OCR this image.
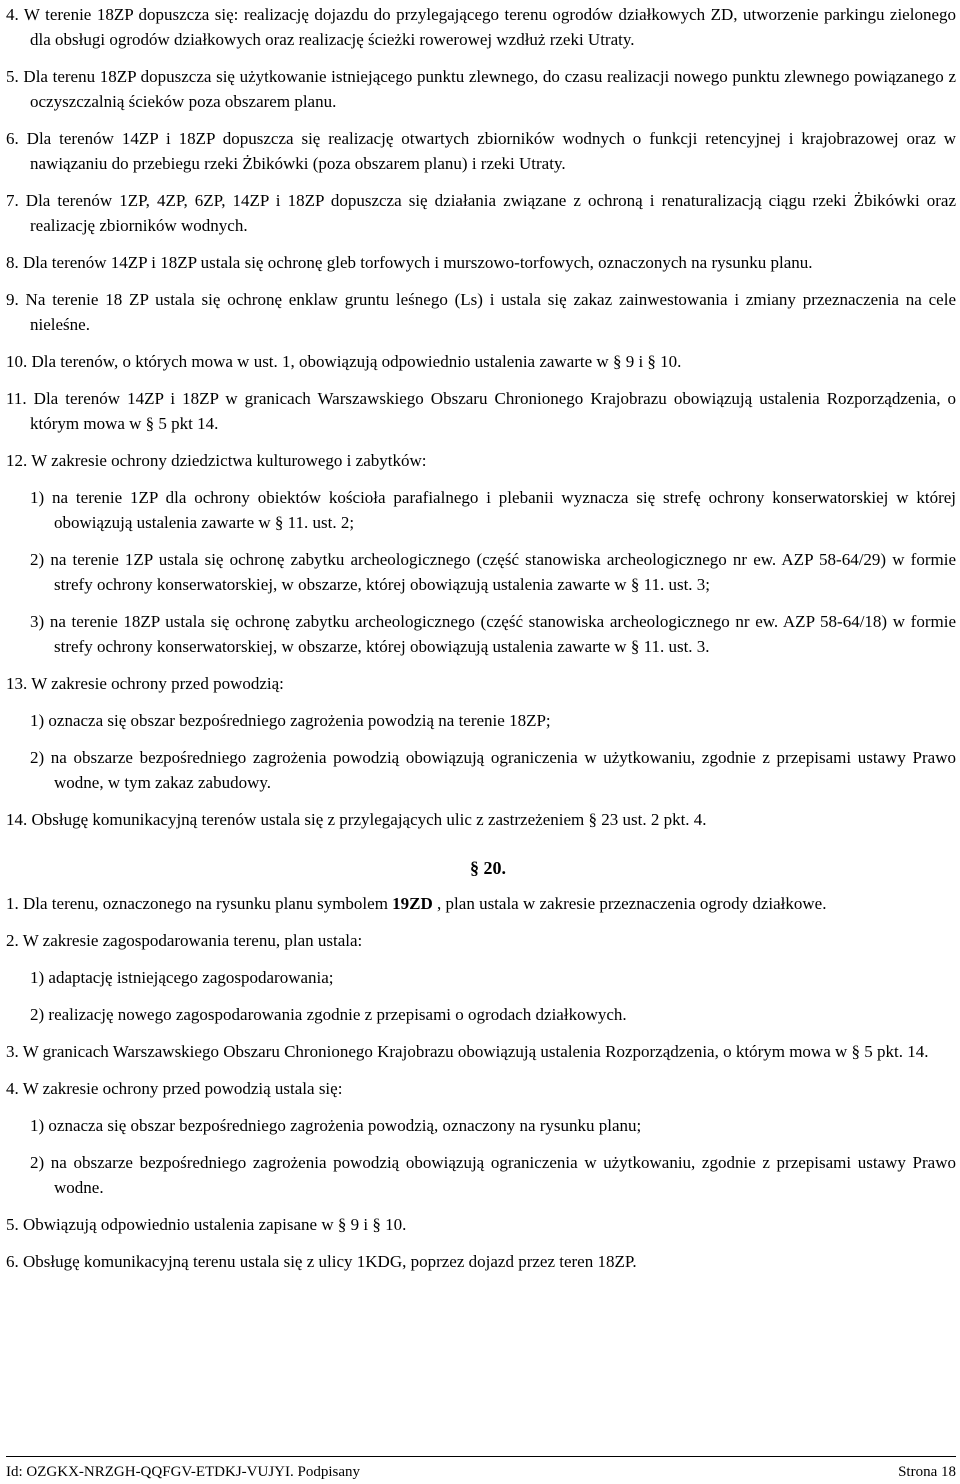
4. W terenie 18ZP dopuszcza się: realizację dojazdu do przylegającego terenu ogrodów działkowych ZD, utworzenie parkingu zielonego dla obsługi ogrodów działkowych oraz realizację ścieżki rowerowej wzdłuż rzeki Utraty.

5. Dla terenu 18ZP dopuszcza się użytkowanie istniejącego punktu zlewnego, do czasu realizacji nowego punktu zlewnego powiązanego z oczyszczalnią ścieków poza obszarem planu.

6. Dla terenów 14ZP i 18ZP dopuszcza się realizację otwartych zbiorników wodnych o funkcji retencyjnej i krajobrazowej oraz w nawiązaniu do przebiegu rzeki Żbikówki (poza obszarem planu) i rzeki Utraty.

7. Dla terenów 1ZP, 4ZP, 6ZP, 14ZP i 18ZP dopuszcza się działania związane z ochroną i renaturalizacją ciągu rzeki Żbikówki oraz realizację zbiorników wodnych.

8. Dla terenów 14ZP i 18ZP ustala się ochronę gleb torfowych i murszowo-torfowych, oznaczonych na rysunku planu.

9. Na terenie 18 ZP ustala się ochronę enklaw gruntu leśnego (Ls) i ustala się zakaz zainwestowania i zmiany przeznaczenia na cele nieleśne.

10. Dla terenów, o których mowa w ust. 1, obowiązują odpowiednio ustalenia zawarte w § 9 i § 10.

11. Dla terenów 14ZP i 18ZP w granicach Warszawskiego Obszaru Chronionego Krajobrazu obowiązują ustalenia Rozporządzenia, o którym mowa w § 5 pkt 14.

12. W zakresie ochrony dziedzictwa kulturowego i zabytków:

1) na terenie 1ZP dla ochrony obiektów kościoła parafialnego i plebanii wyznacza się strefę ochrony konserwatorskiej w której obowiązują ustalenia zawarte w § 11. ust. 2;

2) na terenie 1ZP ustala się ochronę zabytku archeologicznego (część stanowiska archeologicznego nr ew. AZP 58-64/29) w formie strefy ochrony konserwatorskiej, w obszarze, której obowiązują ustalenia zawarte w § 11. ust. 3;

3) na terenie 18ZP ustala się ochronę zabytku archeologicznego (część stanowiska archeologicznego nr ew. AZP 58-64/18) w formie strefy ochrony konserwatorskiej, w obszarze, której obowiązują ustalenia zawarte w § 11. ust. 3.

13. W zakresie ochrony przed powodzią:

1) oznacza się obszar bezpośredniego zagrożenia powodzią na terenie 18ZP;

2) na obszarze bezpośredniego zagrożenia powodzią obowiązują ograniczenia w użytkowaniu, zgodnie z przepisami ustawy Prawo wodne, w tym zakaz zabudowy.

14. Obsługę komunikacyjną terenów ustala się z przylegających ulic z zastrzeżeniem § 23 ust. 2 pkt. 4.

§ 20.

1. Dla terenu, oznaczonego na rysunku planu symbolem 19ZD , plan ustala w zakresie przeznaczenia ogrody działkowe.

2. W zakresie zagospodarowania terenu, plan ustala:

1) adaptację istniejącego zagospodarowania;

2) realizację nowego zagospodarowania zgodnie z przepisami o ogrodach działkowych.

3. W granicach Warszawskiego Obszaru Chronionego Krajobrazu obowiązują ustalenia Rozporządzenia, o którym mowa w § 5 pkt. 14.

4. W zakresie ochrony przed powodzią ustala się:

1) oznacza się obszar bezpośredniego zagrożenia powodzią, oznaczony na rysunku planu;

2) na obszarze bezpośredniego zagrożenia powodzią obowiązują ograniczenia w użytkowaniu, zgodnie z przepisami ustawy Prawo wodne.

5. Obwiązują odpowiednio ustalenia zapisane w § 9 i § 10.

6. Obsługę komunikacyjną terenu ustala się z ulicy 1KDG, poprzez dojazd przez teren 18ZP.

Id: OZGKX-NRZGH-QQFGV-ETDKJ-VUJYI. Podpisany	Strona 18
